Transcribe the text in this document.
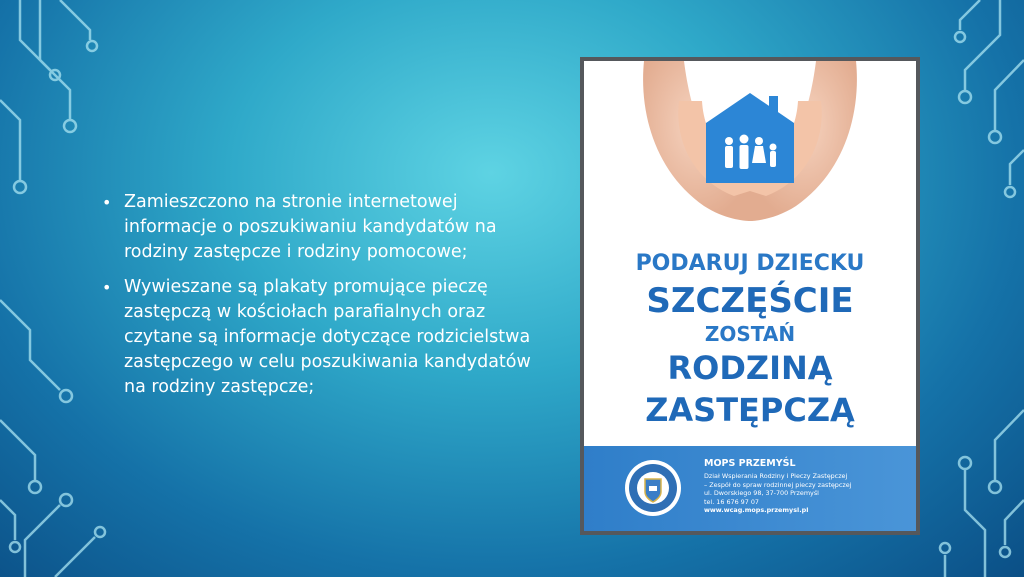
• Zamieszczono na stronie internetowej informacje o poszukiwaniu kandydatów na rodziny zastępcze i rodziny pomocowe;
• Wywieszane są plakaty promujące pieczę zastępczą w kościołach parafialnych oraz czytane są informacje dotyczące rodzicielstwa zastępczego w celu poszukiwania kandydatów na rodziny zastępcze;
PODARUJ DZIECKU
SZCZĘŚCIE
ZOSTAŃ
RODZINĄ
ZASTĘPCZĄ
MOPS PRZEMYŚL
Dział Wspierania Rodziny i Pieczy Zastępczej
– Zespół do spraw rodzinnej pieczy zastępczej
ul. Dworskiego 98, 37-700 Przemyśl
tel. 16 676 97 07
www.wcag.mops.przemysl.pl
